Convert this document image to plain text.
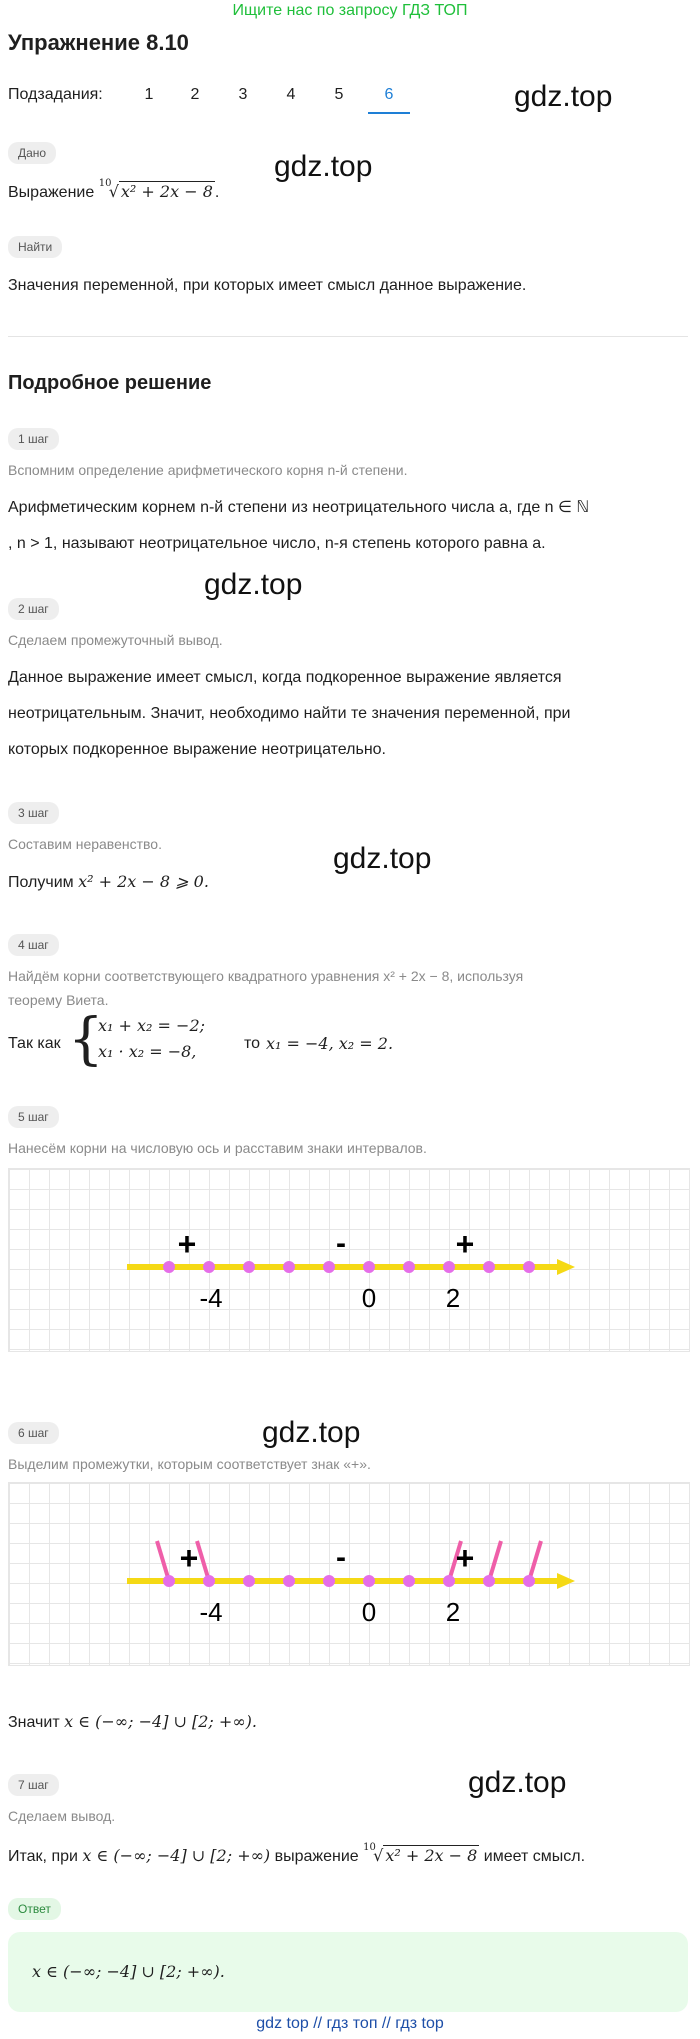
Ищите нас по запросу ГДЗ ТОП
Упражнение 8.10
Подзадания:	1	2	3	4	5	6	gdz.top
gdz.top
gdz.top
gdz.top
gdz.top
gdz.top
Дано
Выражение
10
√ x² + 2x − 8 .
Найти
Значения переменной, при которых имеет смысл данное выражение.
Подробное решение
1 шаг
Вспомним определение арифметического корня n-й степени.
Арифметическим корнем n-й степени из неотрицательного числа a, где n ∈ ℕ
, n > 1, называют неотрицательное число, n-я степень которого равна a.
2 шаг
Сделаем промежуточный вывод.
Данное выражение имеет смысл, когда подкоренное выражение является
неотрицательным. Значит, необходимо найти те значения переменной, при
которых подкоренное выражение неотрицательно.
3 шаг
Составим неравенство.
Получим x² + 2x − 8 ⩾ 0.
4 шаг
Найдём корни соответствующего квадратного уравнения x² + 2x − 8, используя
теорему Виета.
Так как {
x₁ + x₂ = −2;
x₁ · x₂ = −8,	то x₁ = −4, x₂ = 2.
5 шаг
Нанесём корни на числовую ось и расставим знаки интервалов.
+	-	+
-4	0	2
6 шаг
Выделим промежутки, которым соответствует знак «+».
+	-	+
-4	0	2
Значит x ∈ (−∞; −4] ∪ [2; +∞).
7 шаг
Сделаем вывод.
Итак, при x ∈ (−∞; −4] ∪ [2; +∞) выражение
10
√ x² + 2x − 8 имеет смысл.
Ответ
x ∈ (−∞; −4] ∪ [2; +∞).
gdz top // гдз топ // гдз top
